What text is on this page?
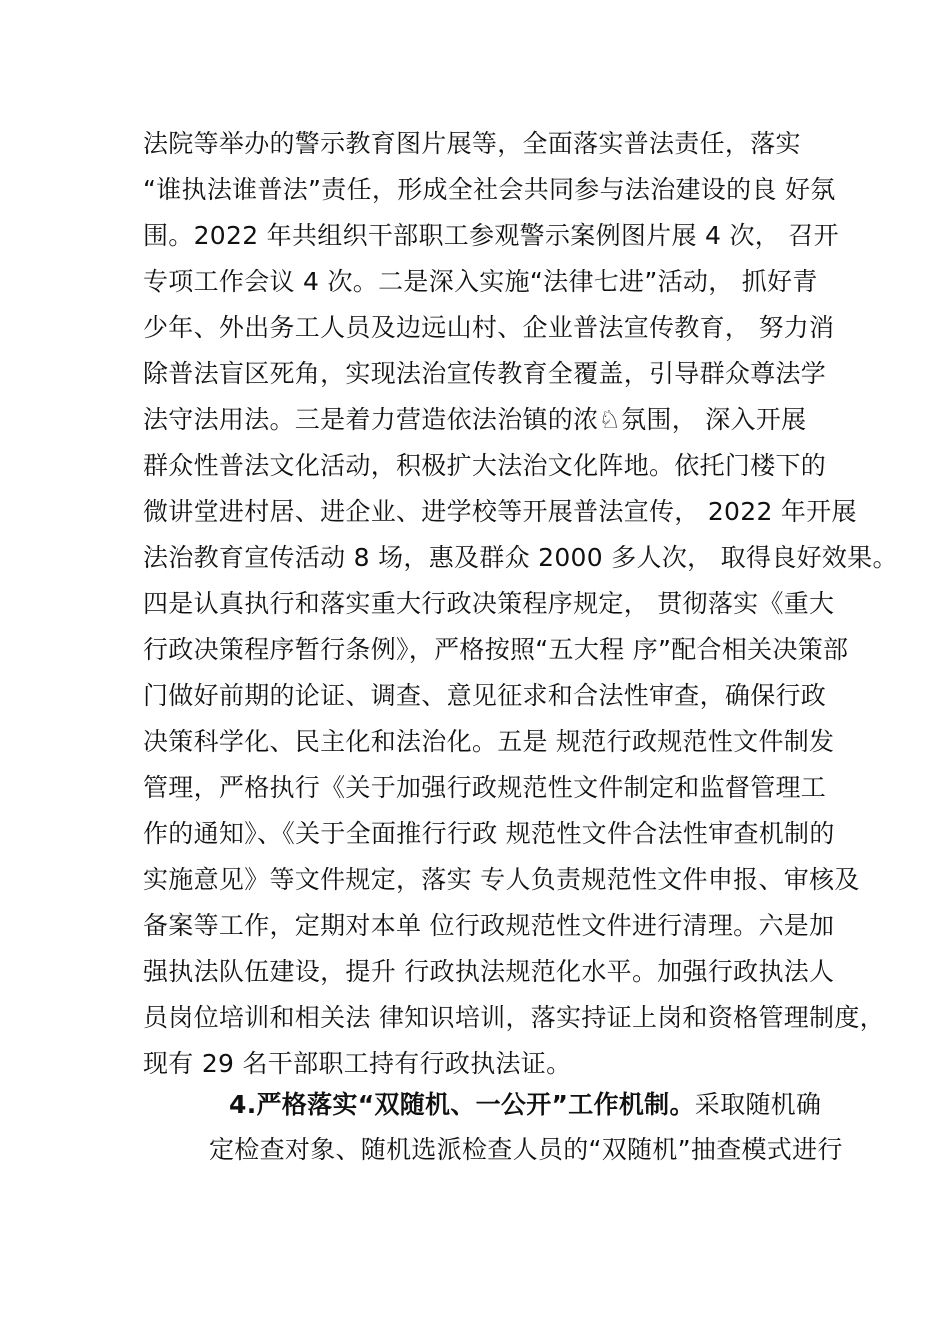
法院等举办的警示教育图片展等，全面落实普法责任，落实
“谁执法谁普法”责任，形成全社会共同参与法治建设的良 好氛
围。2022 年共组织干部职工参观警示案例图片展 4 次， 召开
专项工作会议 4 次。二是深入实施“法律七进”活动， 抓好青
少年、外出务工人员及边远山村、企业普法宣传教育， 努力消
除普法盲区死角，实现法治宣传教育全覆盖，引导群众尊法学
法守法用法。三是着力营造依法治镇的浓♘氛围， 深入开展
群众性普法文化活动，积极扩大法治文化阵地。依托门楼下的
微讲堂进村居、进企业、进学校等开展普法宣传， 2022 年开展
法治教育宣传活动 8 场，惠及群众 2000 多人次， 取得良好效果。
四是认真执行和落实重大行政决策程序规定， 贯彻落实《重大
行政决策程序暂行条例》，严格按照“五大程 序”配合相关决策部
门做好前期的论证、调查、意见征求和合法性审查，确保行政
决策科学化、民主化和法治化。五是 规范行政规范性文件制发
管理，严格执行《关于加强行政规范性文件制定和监督管理工
作的通知》、《关于全面推行行政 规范性文件合法性审查机制的
实施意见》等文件规定，落实 专人负责规范性文件申报、审核及
备案等工作，定期对本单 位行政规范性文件进行清理。六是加
强执法队伍建设，提升 行政执法规范化水平。加强行政执法人
员岗位培训和相关法 律知识培训，落实持证上岗和资格管理制度，
现有 29 名干部职工持有行政执法证。
4.严格落实“双随机、一公开”工作机制。采取随机确
定检查对象、随机选派检查人员的“双随机”抽查模式进行
